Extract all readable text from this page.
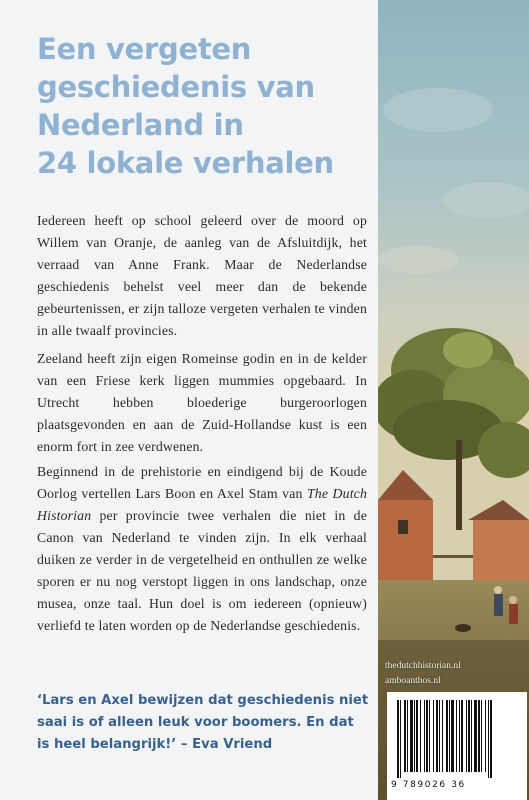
Een vergeten
geschiedenis van
Nederland in
24 lokale verhalen

Iedereen heeft op school geleerd over de moord op Willem van Oranje, de aanleg van de Afsluitdijk, het verraad van Anne Frank. Maar de Nederlandse geschiedenis behelst veel meer dan de bekende gebeurtenissen, er zijn talloze vergeten verhalen te vinden in alle twaalf provincies.

Zeeland heeft zijn eigen Romeinse godin en in de kelder van een Friese kerk liggen mummies opgebaard. In Utrecht hebben bloederige burgeroorlogen plaatsgevonden en aan de Zuid-Hollandse kust is een enorm fort in zee verdwenen.

Beginnend in de prehistorie en eindigend bij de Koude Oorlog vertellen Lars Boon en Axel Stam van The Dutch Historian per provincie twee verhalen die niet in de Canon van Nederland te vinden zijn. In elk verhaal duiken ze verder in de vergetelheid en onthullen ze welke sporen er nu nog verstopt liggen in ons landschap, onze musea, onze taal. Hun doel is om iedereen (opnieuw) verliefd te laten worden op de Nederlandse geschiedenis.

‘Lars en Axel bewijzen dat geschiedenis niet
saai is of alleen leuk voor boomers. En dat
is heel belangrijk!’ – Eva Vriend

thedutchhistorian.nl
amboanthos.nl
9 789026 36
